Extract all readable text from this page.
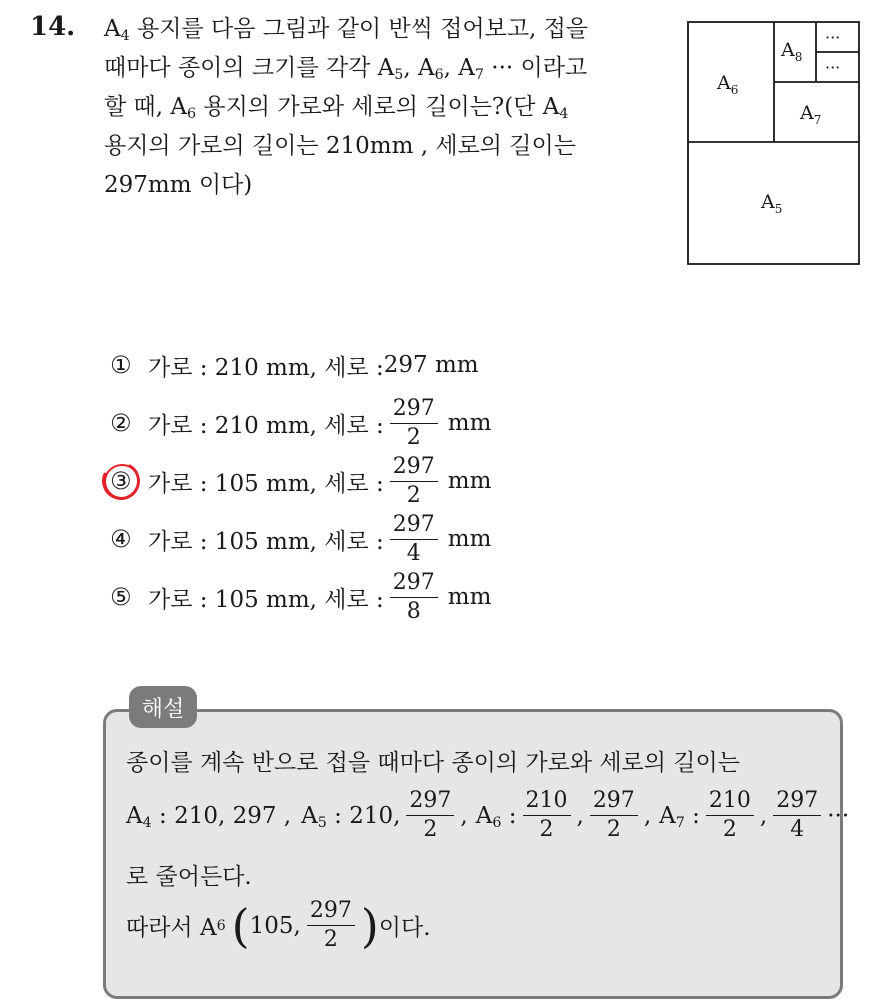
14. $A_4$ 용지를 다음 그림과 같이 반씩 접어보고, 접을
때마다 종이의 크기를 각각 $A_5$, $A_6$, $A_7$ ··· 이라고
할 때, $A_6$ 용지의 가로와 세로의 길이는?(단 $A_4$
용지의 가로의 길이는 210mm , 세로의 길이는
297mm 이다)
$A_6$
$A_8$
$A_7$
$A_5$
···
···
① 가로 : 210 mm, 세로 : 297 mm
② 가로 : 210 mm, 세로 : $\frac{297}{2}$ mm
③ 가로 : 105 mm, 세로 : $\frac{297}{2}$ mm
④ 가로 : 105 mm, 세로 : $\frac{297}{4}$ mm
⑤ 가로 : 105 mm, 세로 : $\frac{297}{8}$ mm
해설
종이를 계속 반으로 접을 때마다 종이의 가로와 세로의 길이는
$A_4$ : 210, 297 , $A_5$ : 210, $\frac{297}{2}$ , $A_6$ : $\frac{210}{2}$ , $\frac{297}{2}$ , $A_7$ : $\frac{210}{2}$ , $\frac{297}{4}$ ···
로 줄어든다.
따라서 A 6 ( 105, $\frac{297}{2}$ ) 이다.
